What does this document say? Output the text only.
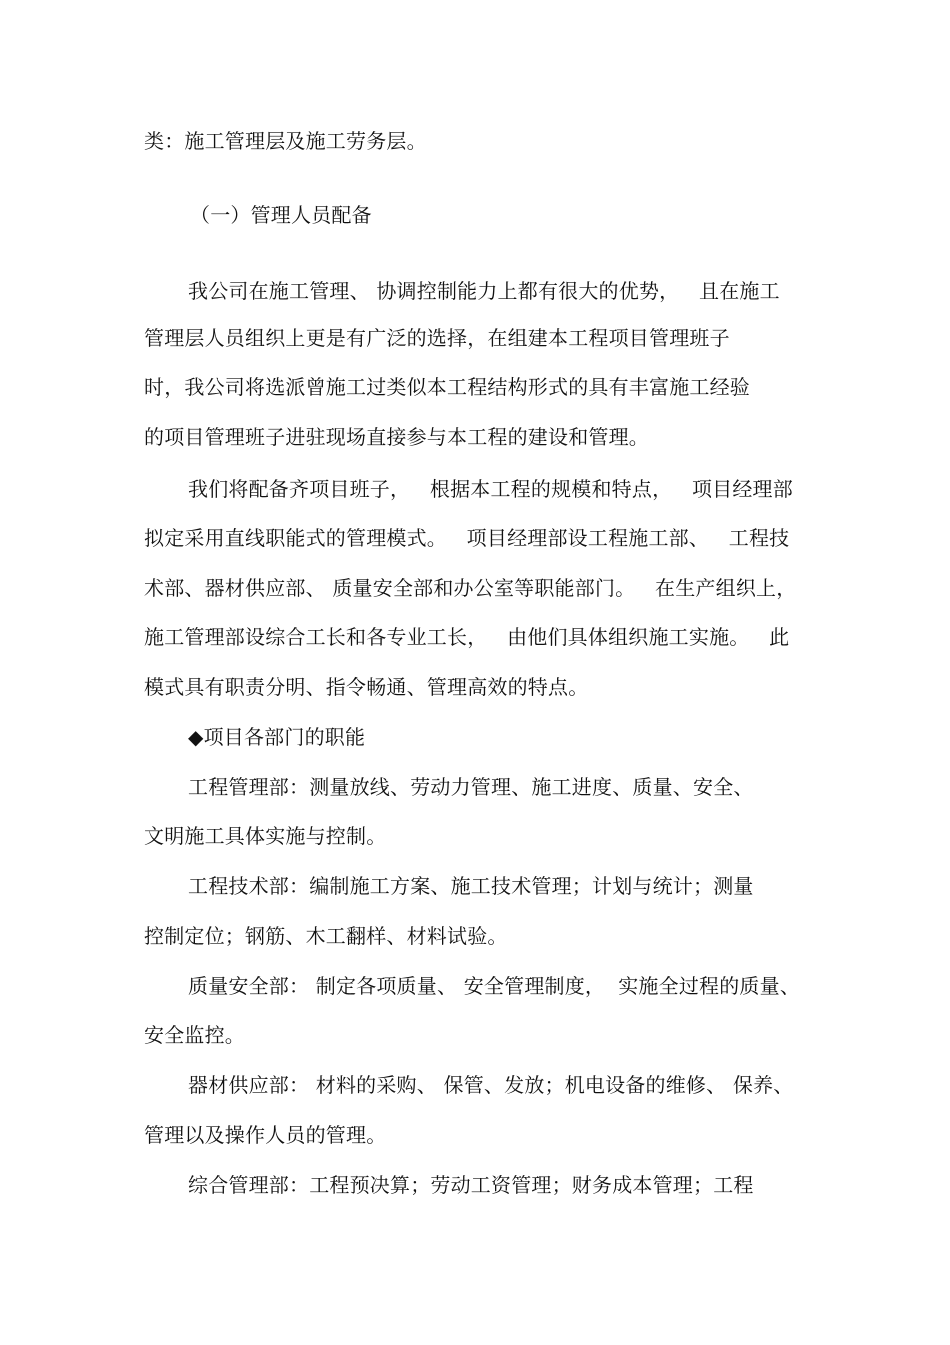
类：施工管理层及施工劳务层。
（一）管理人员配备
我公司在施工管理、 协调控制能力上都有很大的优势，   且在施工
管理层人员组织上更是有广泛的选择，在组建本工程项目管理班子
时，我公司将选派曾施工过类似本工程结构形式的具有丰富施工经验
的项目管理班子进驻现场直接参与本工程的建设和管理。
我们将配备齐项目班子，   根据本工程的规模和特点，   项目经理部
拟定采用直线职能式的管理模式。   项目经理部设工程施工部、   工程技
术部、器材供应部、 质量安全部和办公室等职能部门。   在生产组织上，
施工管理部设综合工长和各专业工长，   由他们具体组织施工实施。   此
模式具有职责分明、指令畅通、管理高效的特点。
◆项目各部门的职能
工程管理部：测量放线、劳动力管理、施工进度、质量、安全、
文明施工具体实施与控制。
工程技术部：编制施工方案、施工技术管理；计划与统计；测量
控制定位；钢筋、木工翻样、材料试验。
质量安全部： 制定各项质量、 安全管理制度，  实施全过程的质量、
安全监控。
器材供应部： 材料的采购、 保管、发放；机电设备的维修、 保养、
管理以及操作人员的管理。
综合管理部：工程预决算；劳动工资管理；财务成本管理；工程
